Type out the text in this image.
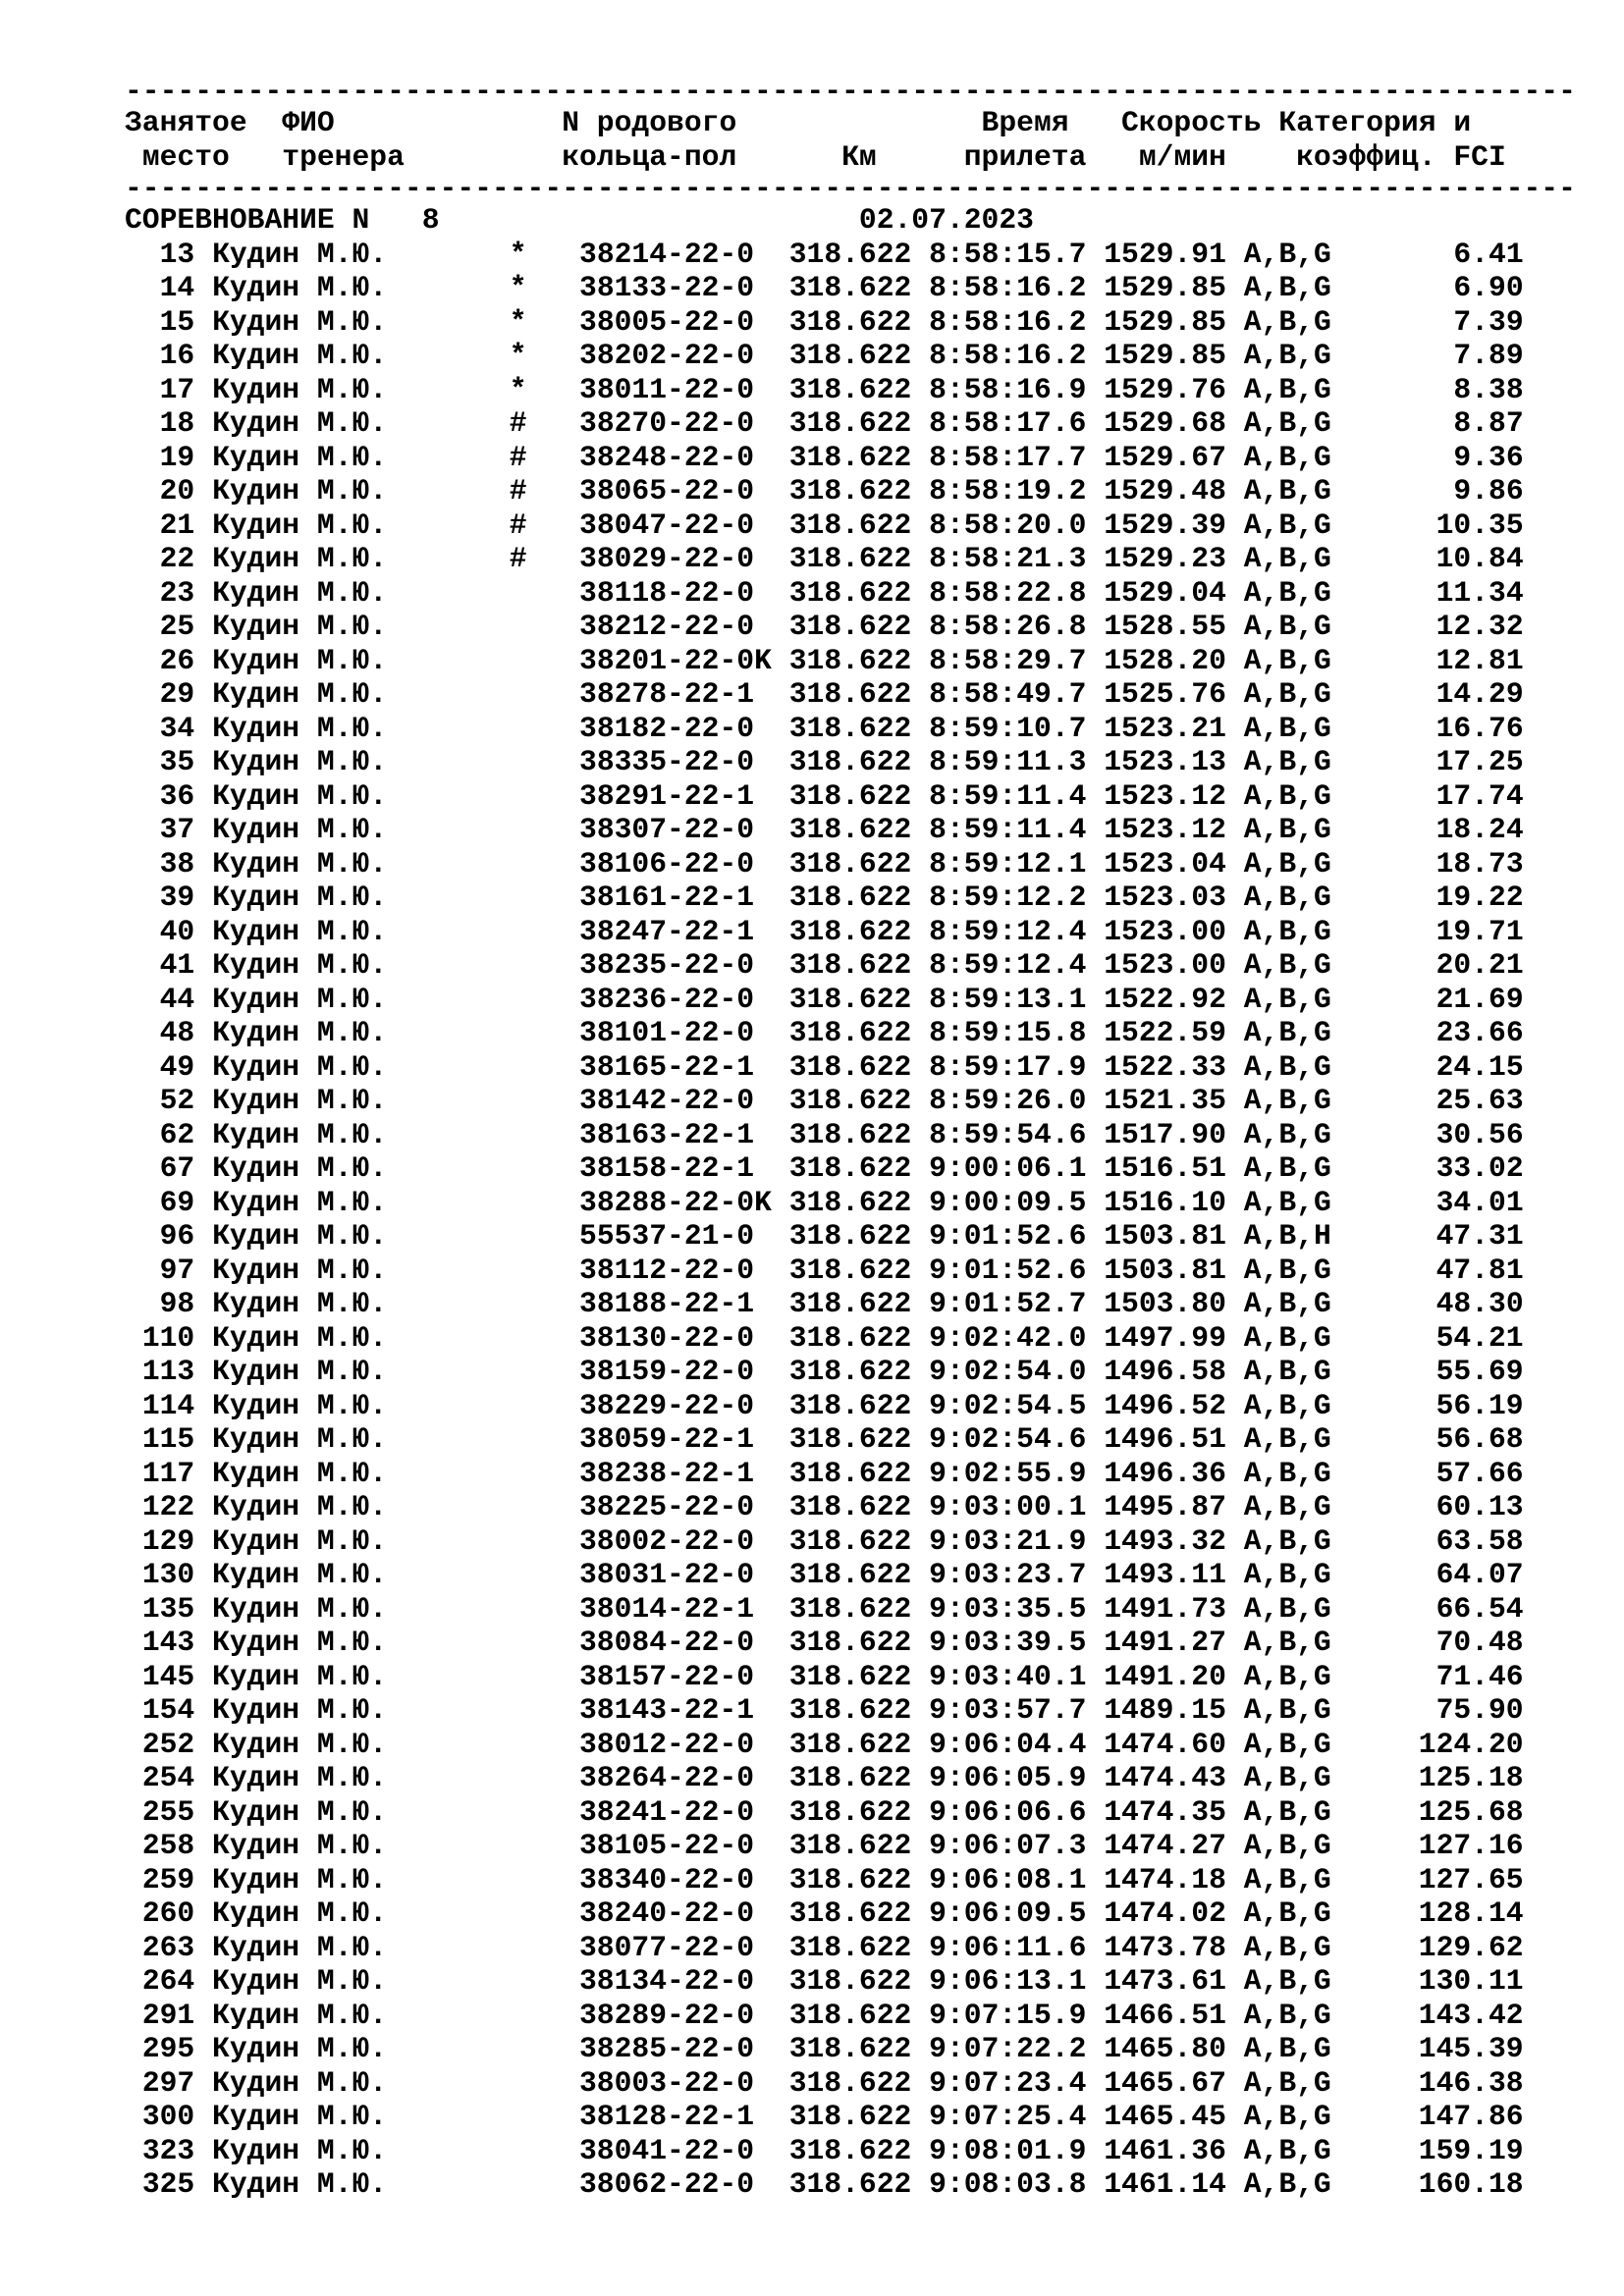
-----------------------------------------------------------------------------------
Занятое ФИО	N родового	Время Скорость Категория и
место тренера	кольца-пол	Км	прилета м/мин коэффиц. FCI
-----------------------------------------------------------------------------------
СОРЕВНОВАНИЕ N 8	02.07.2023
13 Кудин М.Ю.	* 38214-22-0 318.622 8:58:15.7 1529.91 A,B,G	6.41
14 Кудин М.Ю.	* 38133-22-0 318.622 8:58:16.2 1529.85 A,B,G	6.90
15 Кудин М.Ю.	* 38005-22-0 318.622 8:58:16.2 1529.85 A,B,G	7.39
16 Кудин М.Ю.	* 38202-22-0 318.622 8:58:16.2 1529.85 A,B,G	7.89
17 Кудин М.Ю.	* 38011-22-0 318.622 8:58:16.9 1529.76 A,B,G	8.38
18 Кудин М.Ю.	# 38270-22-0 318.622 8:58:17.6 1529.68 A,B,G	8.87
19 Кудин М.Ю.	# 38248-22-0 318.622 8:58:17.7 1529.67 A,B,G	9.36
20 Кудин М.Ю.	# 38065-22-0 318.622 8:58:19.2 1529.48 A,B,G	9.86
21 Кудин М.Ю.	# 38047-22-0 318.622 8:58:20.0 1529.39 A,B,G	10.35
22 Кудин М.Ю.	# 38029-22-0 318.622 8:58:21.3 1529.23 A,B,G	10.84
23 Кудин М.Ю.	38118-22-0 318.622 8:58:22.8 1529.04 A,B,G	11.34
25 Кудин М.Ю.	38212-22-0 318.622 8:58:26.8 1528.55 A,B,G	12.32
26 Кудин М.Ю.	38201-22-0K 318.622 8:58:29.7 1528.20 A,B,G	12.81
29 Кудин М.Ю.	38278-22-1 318.622 8:58:49.7 1525.76 A,B,G	14.29
34 Кудин М.Ю.	38182-22-0 318.622 8:59:10.7 1523.21 A,B,G	16.76
35 Кудин М.Ю.	38335-22-0 318.622 8:59:11.3 1523.13 A,B,G	17.25
36 Кудин М.Ю.	38291-22-1 318.622 8:59:11.4 1523.12 A,B,G	17.74
37 Кудин М.Ю.	38307-22-0 318.622 8:59:11.4 1523.12 A,B,G	18.24
38 Кудин М.Ю.	38106-22-0 318.622 8:59:12.1 1523.04 A,B,G	18.73
39 Кудин М.Ю.	38161-22-1 318.622 8:59:12.2 1523.03 A,B,G	19.22
40 Кудин М.Ю.	38247-22-1 318.622 8:59:12.4 1523.00 A,B,G	19.71
41 Кудин М.Ю.	38235-22-0 318.622 8:59:12.4 1523.00 A,B,G	20.21
44 Кудин М.Ю.	38236-22-0 318.622 8:59:13.1 1522.92 A,B,G	21.69
48 Кудин М.Ю.	38101-22-0 318.622 8:59:15.8 1522.59 A,B,G	23.66
49 Кудин М.Ю.	38165-22-1 318.622 8:59:17.9 1522.33 A,B,G	24.15
52 Кудин М.Ю.	38142-22-0 318.622 8:59:26.0 1521.35 A,B,G	25.63
62 Кудин М.Ю.	38163-22-1 318.622 8:59:54.6 1517.90 A,B,G	30.56
67 Кудин М.Ю.	38158-22-1 318.622 9:00:06.1 1516.51 A,B,G	33.02
69 Кудин М.Ю.	38288-22-0K 318.622 9:00:09.5 1516.10 A,B,G	34.01
96 Кудин М.Ю.	55537-21-0 318.622 9:01:52.6 1503.81 A,B,H	47.31
97 Кудин М.Ю.	38112-22-0 318.622 9:01:52.6 1503.81 A,B,G	47.81
98 Кудин М.Ю.	38188-22-1 318.622 9:01:52.7 1503.80 A,B,G	48.30
110 Кудин М.Ю.	38130-22-0 318.622 9:02:42.0 1497.99 A,B,G	54.21
113 Кудин М.Ю.	38159-22-0 318.622 9:02:54.0 1496.58 A,B,G	55.69
114 Кудин М.Ю.	38229-22-0 318.622 9:02:54.5 1496.52 A,B,G	56.19
115 Кудин М.Ю.	38059-22-1 318.622 9:02:54.6 1496.51 A,B,G	56.68
117 Кудин М.Ю.	38238-22-1 318.622 9:02:55.9 1496.36 A,B,G	57.66
122 Кудин М.Ю.	38225-22-0 318.622 9:03:00.1 1495.87 A,B,G	60.13
129 Кудин М.Ю.	38002-22-0 318.622 9:03:21.9 1493.32 A,B,G	63.58
130 Кудин М.Ю.	38031-22-0 318.622 9:03:23.7 1493.11 A,B,G	64.07
135 Кудин М.Ю.	38014-22-1 318.622 9:03:35.5 1491.73 A,B,G	66.54
143 Кудин М.Ю.	38084-22-0 318.622 9:03:39.5 1491.27 A,B,G	70.48
145 Кудин М.Ю.	38157-22-0 318.622 9:03:40.1 1491.20 A,B,G	71.46
154 Кудин М.Ю.	38143-22-1 318.622 9:03:57.7 1489.15 A,B,G	75.90
252 Кудин М.Ю.	38012-22-0 318.622 9:06:04.4 1474.60 A,B,G	124.20
254 Кудин М.Ю.	38264-22-0 318.622 9:06:05.9 1474.43 A,B,G	125.18
255 Кудин М.Ю.	38241-22-0 318.622 9:06:06.6 1474.35 A,B,G	125.68
258 Кудин М.Ю.	38105-22-0 318.622 9:06:07.3 1474.27 A,B,G	127.16
259 Кудин М.Ю.	38340-22-0 318.622 9:06:08.1 1474.18 A,B,G	127.65
260 Кудин М.Ю.	38240-22-0 318.622 9:06:09.5 1474.02 A,B,G	128.14
263 Кудин М.Ю.	38077-22-0 318.622 9:06:11.6 1473.78 A,B,G	129.62
264 Кудин М.Ю.	38134-22-0 318.622 9:06:13.1 1473.61 A,B,G	130.11
291 Кудин М.Ю.	38289-22-0 318.622 9:07:15.9 1466.51 A,B,G	143.42
295 Кудин М.Ю.	38285-22-0 318.622 9:07:22.2 1465.80 A,B,G	145.39
297 Кудин М.Ю.	38003-22-0 318.622 9:07:23.4 1465.67 A,B,G	146.38
300 Кудин М.Ю.	38128-22-1 318.622 9:07:25.4 1465.45 A,B,G	147.86
323 Кудин М.Ю.	38041-22-0 318.622 9:08:01.9 1461.36 A,B,G	159.19
325 Кудин М.Ю.	38062-22-0 318.622 9:08:03.8 1461.14 A,B,G	160.18
